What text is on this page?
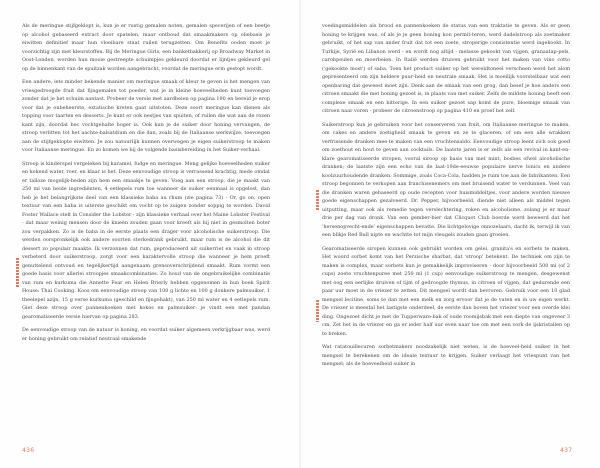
Als de meringue stijfgeklopt is, kun je er rustig gemalen noten, gemalen specerijen of een beetje op alcohol gebaseerd extract door spatelen, maar ontboud dat smaakmakers op oliebasis je eiwitten definitief maar hun vloeibare staat ruilen terugzetten. Om Benefits ooden moet je voorzichtig zijn met kleurstoffen. Bij de Meringue Girls, een banketbakkerij op Broadway Market in Oost-Londen, worden hun mooie gestreepte schuimpjes gekleurd doordat er lijntjes gekleurd gel op de binnenkant van de spuitzak worden aangebracht, voordat de meringue erin gestopt wordt.

Een andere, iets minder bekende manier om meringue smaak of kleur te geven is het mengen van vriesgedroogde fruit dat fijngemalen tot poeder, wat je in kleine hoeveelheden kunt toevoegen zonder dat je het schuim aantast. Probeer de versie met aardbeien op pagina 190 en bereid je erop voor dat je onbeheerste, extatische kreten gaat uitstoten. Deze soort meringue kan dienen als topping voor taarten en desserts. Je kunt er ook nestjes van spuiten, of ruilen die wat aan de rozen kant zijn, doordat hec vochtgehalte hoger is. Ook kun je de suiker door honing vervangen, de stroop verlitten tot het aachte-balsatdium en die dan, zoals bij de Italiaanse werkwijze, toevoegen aan de stijfgeklopte eiwitten. Je zou natuurlijk kunnen overwegen je eigen suikerstroop te maken voor Italiaanse meringue. En zo komen we bij de volgende basisbereiding in het Suiker-verhaal.

Stroop is kinderspel vergeleken bij karamel, fudge en meringue. Meng gelijke hoeveelheden suiker en kokend water, roer, en klaar is het. Deze eenvoudige stroop is verrassend krachtig, mede omdat er talloze mogelijk-heden zijn hem een smaakje te geven. Voeg aan een stroop, die je maakt van 250 ml van beide ingrediënten, 4 eetlepels rum toe wanneer de suiker eenmaal is opgelost, dan heb je het belangrijkste deel van een klassieke baba au rhum (zie pagina 73) - Or, go on, open textuur van een baba is uiterste geschikt om vocht op te zuigen zonder soppig te worden. David Foster Wallace stelt in Consider the Lobster - zijn klassieke verhaal over het Maine Lobster Festival - dat maar weinig mensen door de knieën zouden gaan voor kreeft als hij niet in gesmolten boter zou verpakken. Zo is de baba in de eerste plaats een drager voor alcoholische suikerstroop. Die werden oorspronkelijk ook andere soorten sterkedrank gebruikt, maar rum is de alcohol die dit dessert zo populair maakte. Ik verzonnen dat rum, geproduceerd uit suikerriet en vaak in stroop verbeterd door suikerstroop, zorgt voor een karaktervolle stroop die wanneer je hem proeft genuttelend ontvoud en tegelijkertijd aangenaam grensoverschrijdend smaakt. Rum vormt een goede basis voor allerlei stroopjes smaakcombinaties. Zo houd van de ongebruikelijke combinatie van rum en kurkuma die Annette Fear en Helen Brierly hebben opgenomen in hun boek Spirit House: Thai Cooking. Koos om eenvoudige stroop van 100 g lichte en 100 g donkere palmsuiker, 1 theelepel azijn, 15 g verse kurkuma (geschild en fijngehakt), van 250 ml water en 4 eetlepels rum. Giet deze stroop over pannenkoeken met kokos en palmsuiker: je vindt een met pandan gearomatiseerde versie hiervan op pagina 283.

De eenvoudige stroop van de natuur is honing, en voordat suiker algemeen verkrijgbaar was, werd er honing gebruikt om relatief neutraal smakende

voedingsmiddelen als brood en pannenkoeken de status van een traktatie te geven. Als er geen honing te krijgen was, of als je je geen honing kon permit-teren, werd dadelstroop als zoetmaker gebruikt, of het sap van ander fruit dat tot een zoete, stroperige consistentie werd ingekookt. In Turkije, Syrië en Libanon werd - en wordt nog altijd - melasse gekookt van vijgen, granaatap-pels, carobpeulen en moerbeien. In Italië werden druiven gebruikt voor het maken van vino cotto ('gekookte most') of saba. Toen het product suiker op het wereldtoneel verscheen werd het alom gepresenteerd om zijn heldere puur-heid en neutrale smaak. Het is moeilijk voorstelbaar wat een openbaring dat geweest moet zijn. Denk aan de smaak van een grog, dan besef je hoe anders een citroen smaakt die met honing gezoet is, in plaats van met suiker. Zelfs de mildste honing heeft een complexe smaak en een bitterige. In een suiker gezoet sap komt de pure, bloemige smaak van citroen naar voren - probeer de citroenstroop op pagina 410 en proef het zelf.

Suikerstroop kun je gebruiken voor het conserveren van fruit, om Italiaanse meringue te maken, om cakes en andere zoetigheid smaak te geven en ze te glaceren, of om een alle wrakken verfrissende dranken mee te maken van een vruchtensaldo. Eenvoudige stroop leent zich ook goed om zoethout en hout te geven aan cocktails. De laatste jaren is er zelfs als een revival in kant-en-klare gearomatiseerde stropen, vooral siroop op basis van met mint, bosbes ofwel alcoholische dranken; de laatste zijn een echo van de laat-19de-eeuwse populaire nerve tonics en andere koolzuurhoudende dranken. Sommige, zoals Coca-Cola, hadden je ruim toe aan de fabrikanten. Een stroop begonnen te verkopen aan franchisenemers om met bruisend water te verdunnen. Veel van die dranken waren gebaseerd op oude recepten voor huismiddeltjes, voor andere worden nieuwe goede eigenschappen gezalveerd. Dr. Pepper, bijvoorbeeld, diende niet alleen als middel tegen uitputting, maar ook als remedie tegen verslechtering, roken en alcoholisme, zolang je er maar drie per dag van dronk. Van een gember-bier dat Clicquot Club boerde werd beweerd dat het 'hersenopvecht-ende' eigenschappen bevatte. Die lichtgelovige onnozelaars, dacht ik, terwijl ik van een blikje Red Bull nipte en wachtte tot mijn vleugels zouden gaan groeien.

Gearomatiseerde siropen kunnen ook gebruikt worden om gelei, granita's en sorbets te maken. Het woord sorbet komt van het Perzische sharbat, dat 'stroop' betekent. De techniek om zijn te maken is complex, maar sorbets kun je gemakkelijk improviseren - door bijvoorbeeld 500 ml (of 2 cups) zoete vruchtenpuree met 250 ml (1 cup) eenvoudige suikerstroop te mengen, desgewenst met oog een eerlijke druiven of tijm of gedroogde thymus, in citroen of vijgen, dat gedurende een paar uur moet in de vriezer te zetten. Dit mengsel wordt dan bevroren. Gebruik voor een 10 glad mengsel lecitine, soms te dan met een melk en zorg ervoor dat je de vaten en in uw eigen werkt. De vriezer is meestal het lastigste onderdeel, de eerste dan boven het vriezer voor een overde klei ding. Ongezoet dicht je met de Tupperware-bak of oude roomijsbak met een diepte van ongeveer 3 cm. Zet het in de vriezer en ga er ieder half uur even naar toe om met een vork de ijskristallen op te breken.

Wat ratatouillecuren sorbetmakers noodzakelijk niet weten, is de hoeveel-heid suiker in het mengsel te berekenen om de ideale textuur te krijgen. Suiker verlaagt het vriespunt van het mengsel; als de hoeveelheid suiker in

436	437
